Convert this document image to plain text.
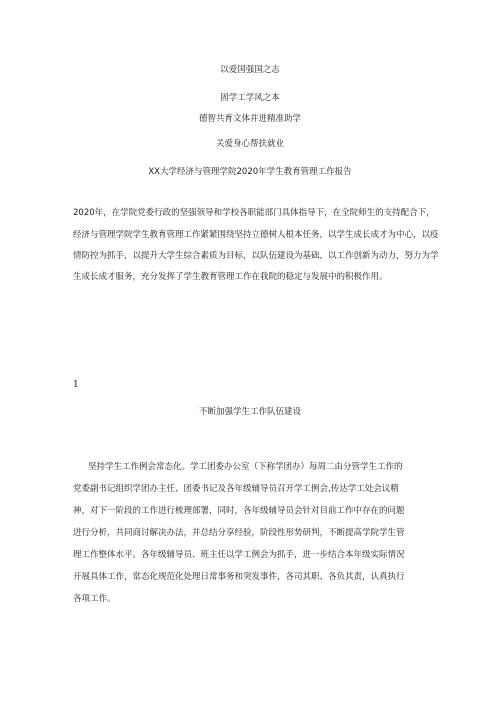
以爱国强国之志
固学工学风之本
德智共育文体并进精准助学
关爱身心帮扶就业
XX大学经济与管理学院2020年学生教育管理工作报告
2020年，在学院党委行政的坚强领导和学校各职能部门具体指导下，在全院师生的支持配合下，
经济与管理学院学生教育管理工作紧紧围绕坚持立德树人根本任务，以学生成长成才为中心，以疫
情防控为抓手，以提升大学生综合素质为目标，以队伍建设为基础，以工作创新为动力，努力为学
生成长成才服务，充分发挥了学生教育管理工作在我院的稳定与发展中的积极作用。
1
不断加强学生工作队伍建设
坚持学生工作例会常态化。学工团委办公室（下称学团办）每周二由分管学生工作的
党委副书记组织学团办主任、团委书记及各年级辅导员召开学工例会,传达学工处会议精
神，对下一阶段的工作进行梳理部署，同时，各年级辅导员会针对目前工作中存在的问题
进行分析，共同商讨解决办法，并总结分享经验，阶段性形势研判，不断提高学院学生管
理工作整体水平。各年级辅导员、班主任以学工例会为抓手，进一步结合本年级实际情况
开展具体工作，常态化规范化处理日常事务和突发事件，各司其职、各负其责，认真执行
各项工作。
